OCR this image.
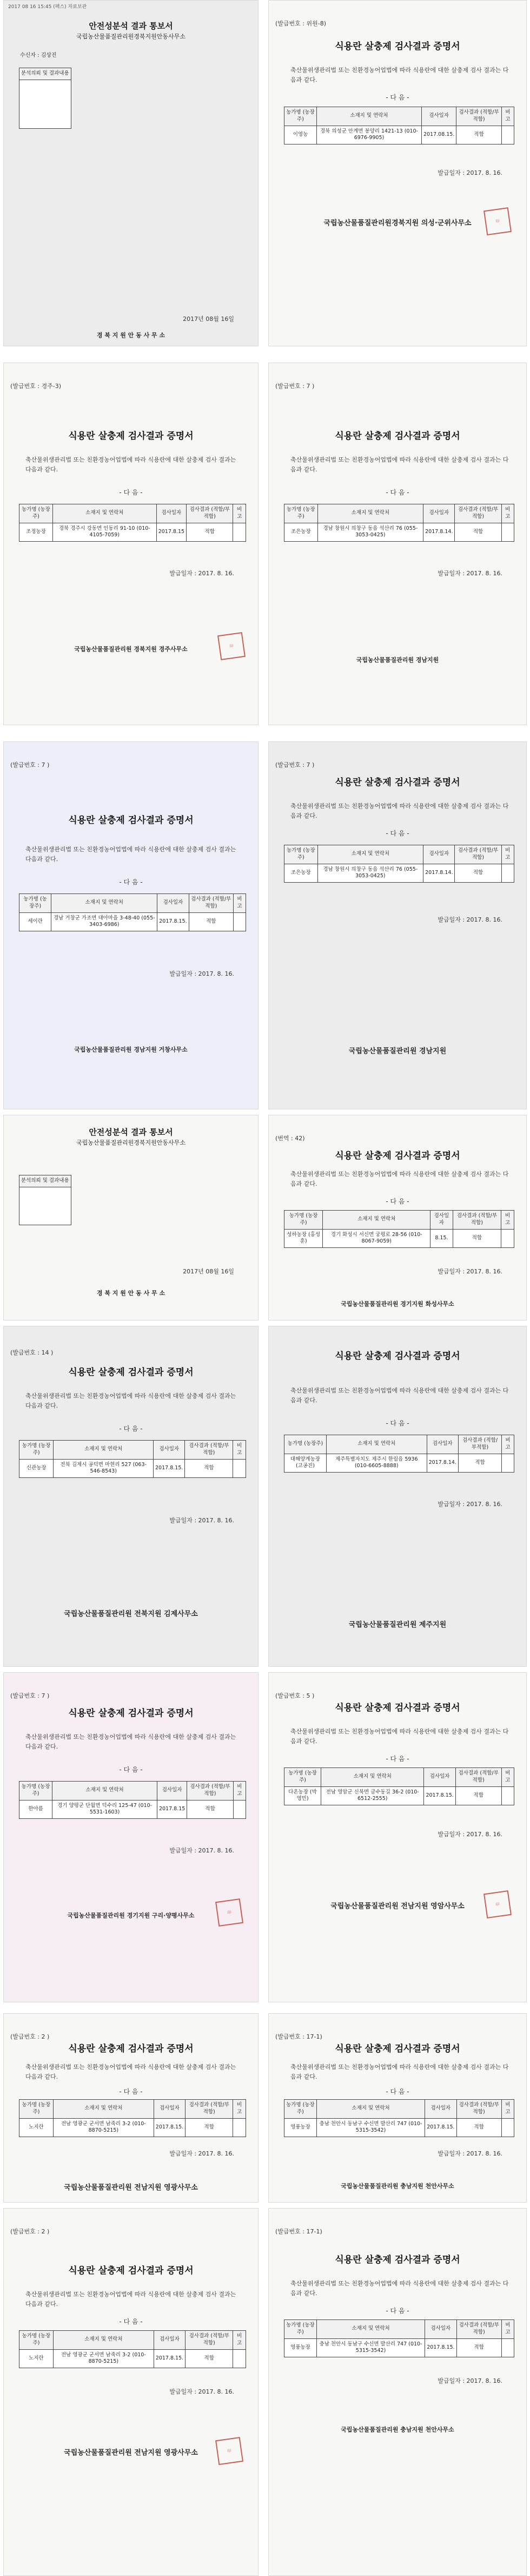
2017 08 16 15:45 (팩스) 자료보관
안전성분석 결과 통보서
국립농산물품질관리원경북지원안동사무소
수신자 : 김상진
분석의뢰 및 결과내용

2017년 08월 16일
경 북 지 원 안 동 사 무 소
(발급번호 : 위원-8)
식용란 살충제 검사결과 증명서
축산물위생관리법 또는 친환경농어업법에 따라 식용란에 대한 살충제 검사 결과는 다음과 같다.
- 다 음 -
농가명 (농장주)	소재지 및 연락처	검사일자	검사결과 (적합/부적합)	비고
이영농	경북 의성군 안계면 봉양리 1421-13 (010-6976-9905)	2017.08.15.	적합	
발급일자 : 2017. 8. 16.
국립농산물품질관리원경북지원 의성·군위사무소	印
(발급번호 : 경주-3)
식용란 살충제 검사결과 증명서
축산물위생관리법 또는 친환경농어업법에 따라 식용란에 대한 살충제 검사 결과는 다음과 같다.
- 다 음 -
농가명 (농장주)	소재지 및 연락처	검사일자	검사결과 (적합/부적합)	비고
조정농장	경북 경주시 강동면 인동리 91-10 (010-4105-7059)	2017.8.15	적합	
발급일자 : 2017. 8. 16.
국립농산물품질관리원 경북지원 경주사무소	印
(발급번호 : 7 )
식용란 살충제 검사결과 증명서
축산물위생관리법 또는 친환경농어업법에 따라 식용란에 대한 살충제 검사 결과는 다음과 같다.
- 다 음 -
농가명 (농장주)	소재지 및 연락처	검사일자	검사결과 (적합/부적합)	비고
조은농장	경남 창원시 의창구 동읍 석산리 76 (055-3053-0425)	2017.8.14.	적합	
발급일자 : 2017. 8. 16.
국립농산물품질관리원 경남지원
(발급번호 : 7 )
식용란 살충제 검사결과 증명서
축산물위생관리법 또는 친환경농어업법에 따라 식용란에 대한 살충제 검사 결과는 다음과 같다.
- 다 음 -
농가명 (농장주)	소재지 및 연락처	검사일자	검사결과 (적합/부적합)	비고
세이란	경남 거창군 가조면 대아마을 3-48-40 (055-3403-6986)	2017.8.15.	적합	
발급일자 : 2017. 8. 16.
국립농산물품질관리원 경남지원 거창사무소
(발급번호 : 7 )
식용란 살충제 검사결과 증명서
축산물위생관리법 또는 친환경농어업법에 따라 식용란에 대한 살충제 검사 결과는 다음과 같다.
- 다 음 -
농가명 (농장주)	소재지 및 연락처	검사일자	검사결과 (적합/부적합)	비고
조은농장	경남 창원시 의창구 동읍 석산리 76 (055-3053-0425)	2017.8.14.	적합	
발급일자 : 2017. 8. 16.
국립농산물품질관리원 경남지원
안전성분석 결과 통보서
국립농산물품질관리원경북지원안동사무소
분석의뢰 및 결과내용

2017년 08월 16일
경 북 지 원 안 동 사 무 소
(번역 : 42)
식용란 살충제 검사결과 증명서
축산물위생관리법 또는 친환경농어업법에 따라 식용란에 대한 살충제 검사 결과는 다음과 같다.
- 다 음 -
농가명 (농장주)	소재지 및 연락처	검사일자	검사결과 (적합/부적합)	비고
성하농장 (홍성훈)	경기 화성시 서신면 궁평로 28-56 (010-8067-9059)	8.15.	적합	
발급일자 : 2017. 8. 16.
국립농산물품질관리원 경기지원 화성사무소
(발급번호 : 14 )
식용란 살충제 검사결과 증명서
축산물위생관리법 또는 친환경농어업법에 따라 식용란에 대한 살충제 검사 결과는 다음과 같다.
- 다 음 -
농가명 (농장주)	소재지 및 연락처	검사일자	검사결과 (적합/부적합)	비고
신관농장	전북 김제시 공덕면 마현리 527 (063-546-8543)	2017.8.15.	적합	
발급일자 : 2017. 8. 16.
국립농산물품질관리원 전북지원 김제사무소
식용란 살충제 검사결과 증명서
축산물위생관리법 또는 친환경농어업법에 따라 식용란에 대한 살충제 검사 결과는 다음과 같다.
- 다 음 -
농가명 (농장주)	소재지 및 연락처	검사일자	검사결과 (적합/부적합)	비고
대해양계농장 (고공진)	제주특별자치도 제주시 한림읍 5936 (010-6605-8888)	2017.8.14.	적합	
발급일자 : 2017. 8. 16.
국립농산물품질관리원 제주지원
(발급번호 : 7 )
식용란 살충제 검사결과 증명서
축산물위생관리법 또는 친환경농어업법에 따라 식용란에 대한 살충제 검사 결과는 다음과 같다.
- 다 음 -
농가명 (농장주)	소재지 및 연락처	검사일자	검사결과 (적합/부적합)	비고
한아름	경기 양평군 단월면 덕수리 125-47 (010-5531-1603)	2017.8.15	적합	
발급일자 : 2017. 8. 16.
국립농산물품질관리원 경기지원 구리·양평사무소	印
(발급번호 : 5 )
식용란 살충제 검사결과 증명서
축산물위생관리법 또는 친환경농어업법에 따라 식용란에 대한 살충제 검사 결과는 다음과 같다.
- 다 음 -
농가명 (농장주)	소재지 및 연락처	검사일자	검사결과 (적합/부적합)	비고
다온농장 (박영민)	전남 영암군 신북면 금수동길 36-2 (010-6512-2555)	2017.8.15.	적합	
발급일자 : 2017. 8. 16.
국립농산물품질관리원 전남지원 영암사무소	印
(발급번호 : 2 )
식용란 살충제 검사결과 증명서
축산물위생관리법 또는 친환경농어업법에 따라 식용란에 대한 살충제 검사 결과는 다음과 같다.
- 다 음 -
농가명 (농장주)	소재지 및 연락처	검사일자	검사결과 (적합/부적합)	비고
노지란	전남 영광군 군서면 남죽리 3-2 (010-8870-5215)	2017.8.15.	적합	
발급일자 : 2017. 8. 16.
국립농산물품질관리원 전남지원 영광사무소
(발급번호 : 17-1)
식용란 살충제 검사결과 증명서
축산물위생관리법 또는 친환경농어업법에 따라 식용란에 대한 살충제 검사 결과는 다음과 같다.
- 다 음 -
농가명 (농장주)	소재지 및 연락처	검사일자	검사결과 (적합/부적합)	비고
영풍농장	충남 천안시 동남구 수신면 발산리 747 (010-5315-3542)	2017.8.15.	적합	
발급일자 : 2017. 8. 16.
국립농산물품질관리원 충남지원 천안사무소
(발급번호 : 2 )
식용란 살충제 검사결과 증명서
축산물위생관리법 또는 친환경농어업법에 따라 식용란에 대한 살충제 검사 결과는 다음과 같다.
- 다 음 -
농가명 (농장주)	소재지 및 연락처	검사일자	검사결과 (적합/부적합)	비고
노지란	전남 영광군 군서면 남죽리 3-2 (010-8870-5215)	2017.8.15.	적합	
발급일자 : 2017. 8. 16.
국립농산물품질관리원 전남지원 영광사무소	印
(발급번호 : 17-1)
식용란 살충제 검사결과 증명서
축산물위생관리법 또는 친환경농어업법에 따라 식용란에 대한 살충제 검사 결과는 다음과 같다.
- 다 음 -
농가명 (농장주)	소재지 및 연락처	검사일자	검사결과 (적합/부적합)	비고
영풍농장	충남 천안시 동남구 수신면 발산리 747 (010-5315-3542)	2017.8.15.	적합	
발급일자 : 2017. 8. 16.
국립농산물품질관리원 충남지원 천안사무소
